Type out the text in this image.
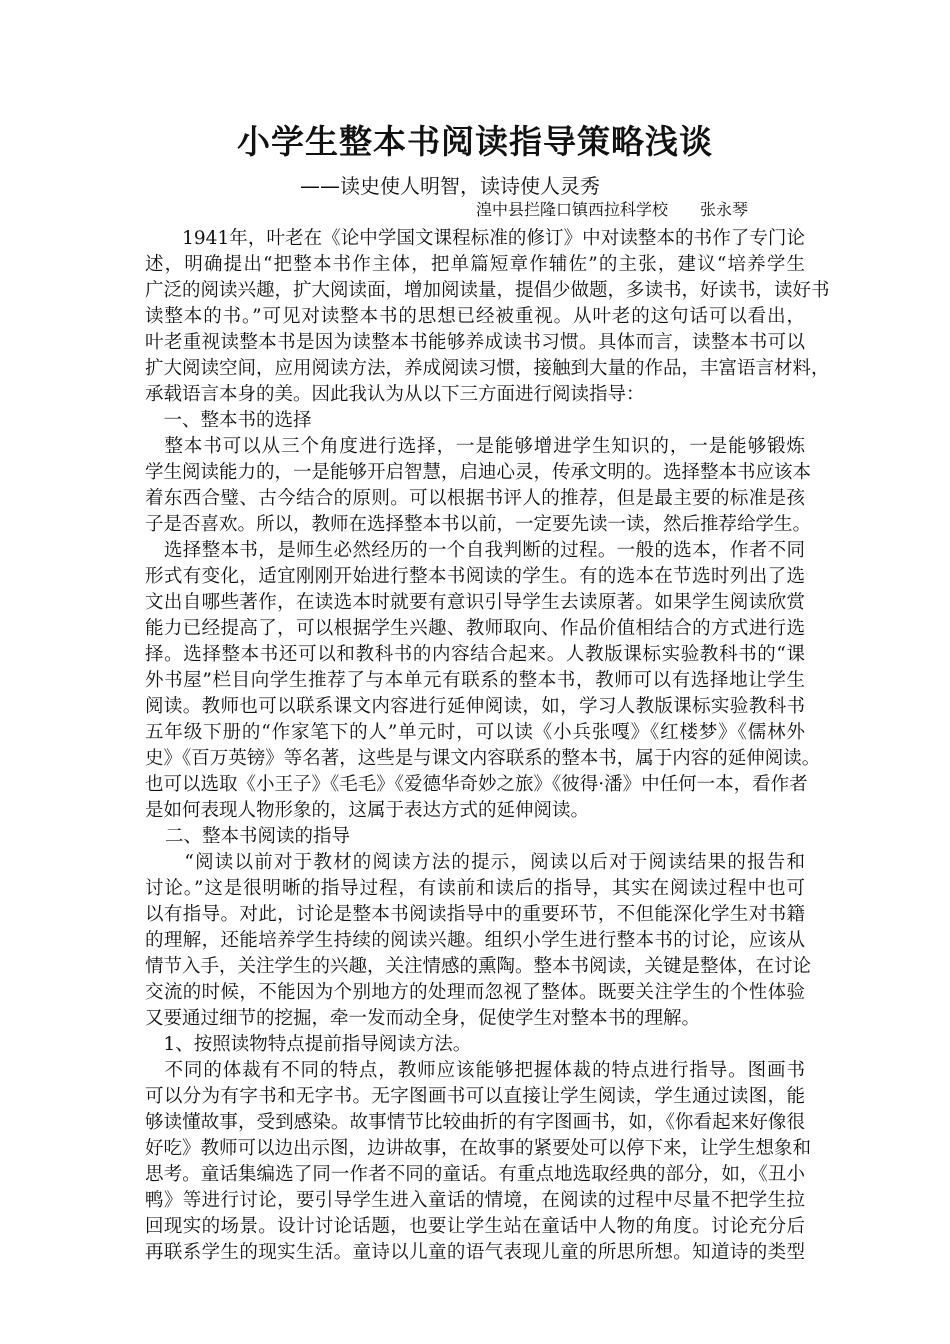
小学生整本书阅读指导策略浅谈
——读史使人明智，读诗使人灵秀
湟中县拦隆口镇西拉科学校　　张永琴
　　1941年，叶老在《论中学国文课程标准的修订》中对读整本的书作了专门论
述，明确提出“把整本书作主体，把单篇短章作辅佐”的主张，建议“培养学生
广泛的阅读兴趣，扩大阅读面，增加阅读量，提倡少做题，多读书，好读书，读好书
读整本的书。”可见对读整本书的思想已经被重视。从叶老的这句话可以看出，
叶老重视读整本书是因为读整本书能够养成读书习惯。具体而言，读整本书可以
扩大阅读空间，应用阅读方法，养成阅读习惯，接触到大量的作品，丰富语言材料，
承载语言本身的美。因此我认为从以下三方面进行阅读指导：
　一、整本书的选择
　整本书可以从三个角度进行选择，一是能够增进学生知识的，一是能够锻炼
学生阅读能力的，一是能够开启智慧，启迪心灵，传承文明的。选择整本书应该本
着东西合璧、古今结合的原则。可以根据书评人的推荐，但是最主要的标准是孩
子是否喜欢。所以，教师在选择整本书以前，一定要先读一读，然后推荐给学生。
　选择整本书，是师生必然经历的一个自我判断的过程。一般的选本，作者不同
形式有变化，适宜刚刚开始进行整本书阅读的学生。有的选本在节选时列出了选
文出自哪些著作，在读选本时就要有意识引导学生去读原著。如果学生阅读欣赏
能力已经提高了，可以根据学生兴趣、教师取向、作品价值相结合的方式进行选
择。选择整本书还可以和教科书的内容结合起来。人教版课标实验教科书的“课
外书屋”栏目向学生推荐了与本单元有联系的整本书，教师可以有选择地让学生
阅读。教师也可以联系课文内容进行延伸阅读，如，学习人教版课标实验教科书
五年级下册的“作家笔下的人”单元时，可以读《小兵张嘎》《红楼梦》《儒林外
史》《百万英镑》等名著，这些是与课文内容联系的整本书，属于内容的延伸阅读。
也可以选取《小王子》《毛毛》《爱德华奇妙之旅》《彼得·潘》中任何一本，看作者
是如何表现人物形象的，这属于表达方式的延伸阅读。
二、整本书阅读的指导
　　“阅读以前对于教材的阅读方法的提示，阅读以后对于阅读结果的报告和
讨论。”这是很明晰的指导过程，有读前和读后的指导，其实在阅读过程中也可
以有指导。对此，讨论是整本书阅读指导中的重要环节，不但能深化学生对书籍
的理解，还能培养学生持续的阅读兴趣。组织小学生进行整本书的讨论，应该从
情节入手，关注学生的兴趣，关注情感的熏陶。整本书阅读，关键是整体，在讨论
交流的时候，不能因为个别地方的处理而忽视了整体。既要关注学生的个性体验
又要通过细节的挖掘，牵一发而动全身，促使学生对整本书的理解。
　1、按照读物特点提前指导阅读方法。
　不同的体裁有不同的特点，教师应该能够把握体裁的特点进行指导。图画书
可以分为有字书和无字书。无字图画书可以直接让学生阅读，学生通过读图，能
够读懂故事，受到感染。故事情节比较曲折的有字图画书，如，《你看起来好像很
好吃》教师可以边出示图，边讲故事，在故事的紧要处可以停下来，让学生想象和
思考。童话集编选了同一作者不同的童话。有重点地选取经典的部分，如，《丑小
鸭》等进行讨论，要引导学生进入童话的情境，在阅读的过程中尽量不把学生拉
回现实的场景。设计讨论话题，也要让学生站在童话中人物的角度。讨论充分后
再联系学生的现实生活。童诗以儿童的语气表现儿童的所思所想。知道诗的类型
